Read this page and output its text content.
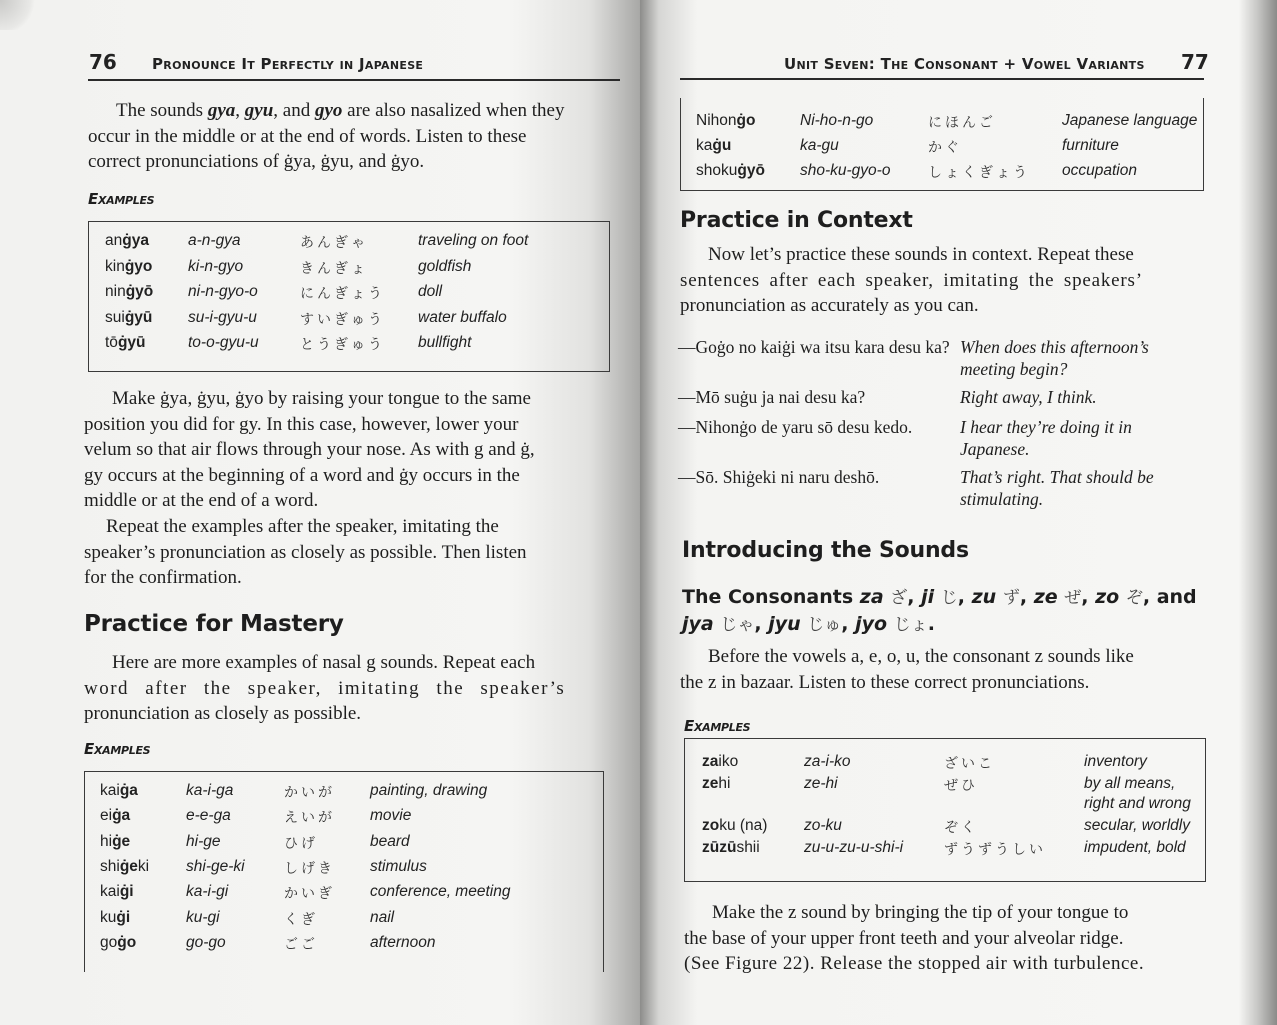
76 Pronounce It Perfectly in Japanese
The sounds gya, gyu, and gyo are also nasalized when they
occur in the middle or at the end of words. Listen to these
correct pronunciations of ġya, ġyu, and ġyo.
Examples
anġya	a-n-gya	あんぎゃ	traveling on foot
kinġyo ki-n-gyo	きんぎょ	goldfish
ninġyō ni-n-gyo-o	にんぎょう doll
suiġyū su-i-gyu-u	すいぎゅう water buffalo
tōġyū	to-o-gyu-u	とうぎゅう bullfight
Make ġya, ġyu, ġyo by raising your tongue to the same
position you did for gy. In this case, however, lower your
velum so that air flows through your nose. As with g and ġ,
gy occurs at the beginning of a word and ġy occurs in the
middle or at the end of a word.
Repeat the examples after the speaker, imitating the
speaker’s pronunciation as closely as possible. Then listen
for the confirmation.
Practice for Mastery
Here are more examples of nasal g sounds. Repeat each
word after the speaker, imitating the speaker’s
pronunciation as closely as possible.
Examples
kaiġa	ka-i-ga	かいが painting, drawing
eiġa	e-e-ga	えいが movie
hiġe	hi-ge	ひげ	beard
shiġeki shi-ge-ki	しげき stimulus
kaiġi	ka-i-gi	かいぎ conference, meeting
kuġi	ku-gi	くぎ	nail
goġo	go-go	ごご	afternoon
Unit Seven: The Consonant + Vowel Variants 77
Nihonġo	Ni-ho-n-go	にほんご	Japanese language
kaġu	ka-gu	かぐ	furniture
shokuġyō sho-ku-gyo-o	しょくぎょう occupation
Practice in Context
Now let’s practice these sounds in context. Repeat these
sentences after each speaker, imitating the speakers’
pronunciation as accurately as you can.
—Goġo no kaiġi wa itsu kara desu ka? When does this afternoon’s meeting begin?
—Mō suġu ja nai desu ka?	Right away, I think.
—Nihonġo de yaru sō desu kedo.	I hear they’re doing it in Japanese.
—Sō. Shiġeki ni naru deshō.	That’s right. That should be stimulating.
Introducing the Sounds
The Consonants za ざ, ji じ, zu ず, ze ぜ, zo ぞ, and
jya じゃ, jyu じゅ, jyo じょ.
Before the vowels a, e, o, u, the consonant z sounds like
the z in bazaar. Listen to these correct pronunciations.
Examples
zaiko	za-i-ko	ざいこ	inventory
zehi	ze-hi	ぜひ	by all means,
right and wrong
zoku (na) zo-ku	ぞく	secular, worldly
zūzūshii	zu-u-zu-u-shi-i	ずうずうしい impudent, bold
Make the z sound by bringing the tip of your tongue to
the base of your upper front teeth and your alveolar ridge.
(See Figure 22). Release the stopped air with turbulence.
